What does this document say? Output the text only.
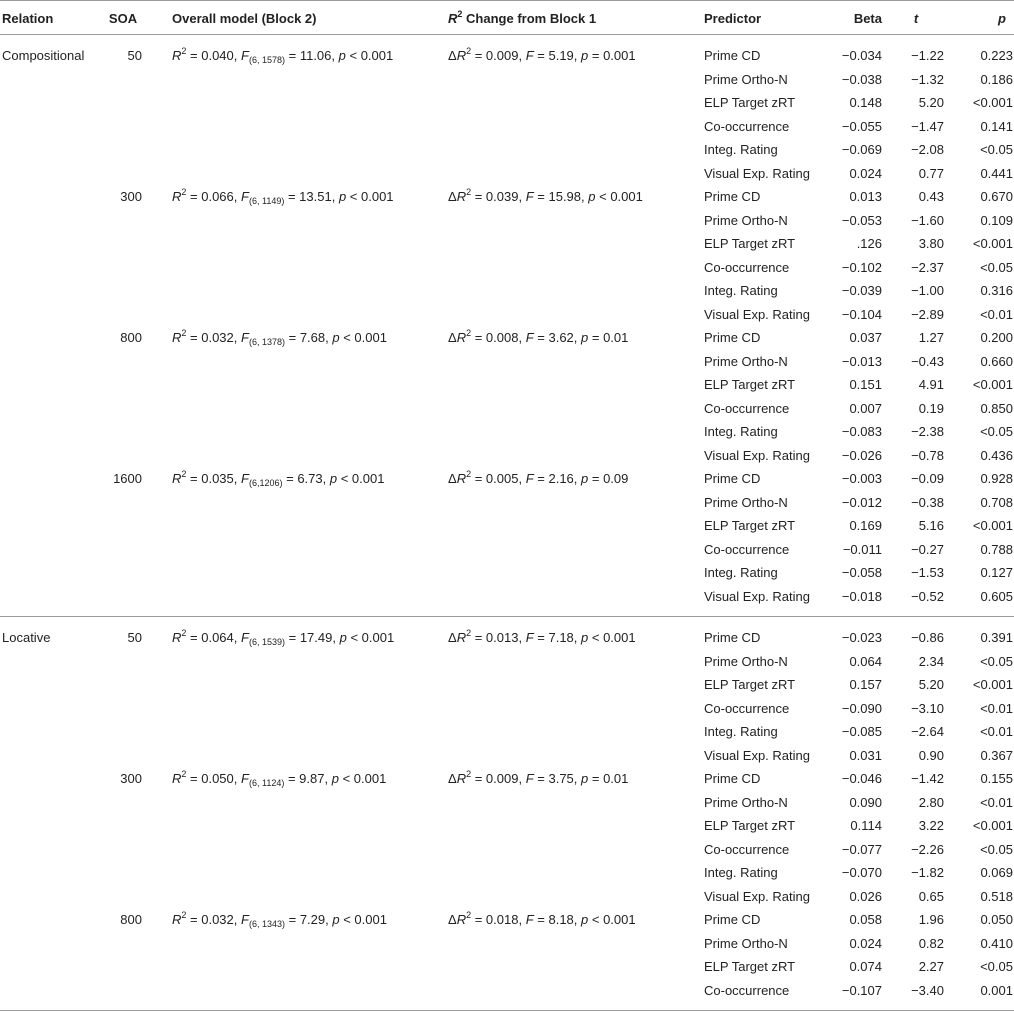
Relation	SOA	Overall model (Block 2)	$R^2$ Change from Block 1	Predictor	Beta	t	p
Compositional	50 $R^2 = 0.040$, $F_{(6, 1578)} = 11.06$, p < 0.001	$\Delta R^2 = 0.009$, F = 5.19, p = 0.001	Prime CD	−0.034	−1.22	0.223
Prime Ortho-N	−0.038	−1.32	0.186
ELP Target zRT	0.148	5.20	<0.001
Co-occurrence	−0.055	−1.47	0.141
Integ. Rating	−0.069	−2.08	<0.05
Visual Exp. Rating	0.024	0.77	0.441
300 $R^2 = 0.066$, $F_{(6, 1149)} = 13.51$, p < 0.001	$\Delta R^2 = 0.039$, F = 15.98, p < 0.001	Prime CD	0.013	0.43	0.670
Prime Ortho-N	−0.053	−1.60	0.109
ELP Target zRT	.126	3.80	<0.001
Co-occurrence	−0.102	−2.37	<0.05
Integ. Rating	−0.039	−1.00	0.316
Visual Exp. Rating	−0.104	−2.89	<0.01
800 $R^2 = 0.032$, $F_{(6, 1378)} = 7.68$, p < 0.001	$\Delta R^2 = 0.008$, F = 3.62, p = 0.01	Prime CD	0.037	1.27	0.200
Prime Ortho-N	−0.013	−0.43	0.660
ELP Target zRT	0.151	4.91	<0.001
Co-occurrence	0.007	0.19	0.850
Integ. Rating	−0.083	−2.38	<0.05
Visual Exp. Rating	−0.026	−0.78	0.436
1600 $R^2 = 0.035$, $F_{(6,1206)} = 6.73$, p < 0.001	$\Delta R^2 = 0.005$, F = 2.16, p = 0.09	Prime CD	−0.003	−0.09	0.928
Prime Ortho-N	−0.012	−0.38	0.708
ELP Target zRT	0.169	5.16	<0.001
Co-occurrence	−0.011	−0.27	0.788
Integ. Rating	−0.058	−1.53	0.127
Visual Exp. Rating	−0.018	−0.52	0.605
Locative	50 $R^2 = 0.064$, $F_{(6, 1539)} = 17.49$, p < 0.001	$\Delta R^2 = 0.013$, F = 7.18, p < 0.001	Prime CD	−0.023	−0.86	0.391
Prime Ortho-N	0.064	2.34	<0.05
ELP Target zRT	0.157	5.20	<0.001
Co-occurrence	−0.090	−3.10	<0.01
Integ. Rating	−0.085	−2.64	<0.01
Visual Exp. Rating	0.031	0.90	0.367
300 $R^2 = 0.050$, $F_{(6, 1124)} = 9.87$, p < 0.001	$\Delta R^2 = 0.009$, F = 3.75, p = 0.01	Prime CD	−0.046	−1.42	0.155
Prime Ortho-N	0.090	2.80	<0.01
ELP Target zRT	0.114	3.22	<0.001
Co-occurrence	−0.077	−2.26	<0.05
Integ. Rating	−0.070	−1.82	0.069
Visual Exp. Rating	0.026	0.65	0.518
800 $R^2 = 0.032$, $F_{(6, 1343)} = 7.29$, p < 0.001	$\Delta R^2 = 0.018$, F = 8.18, p < 0.001	Prime CD	0.058	1.96	0.050
Prime Ortho-N	0.024	0.82	0.410
ELP Target zRT	0.074	2.27	<0.05
Co-occurrence	−0.107	−3.40	0.001
